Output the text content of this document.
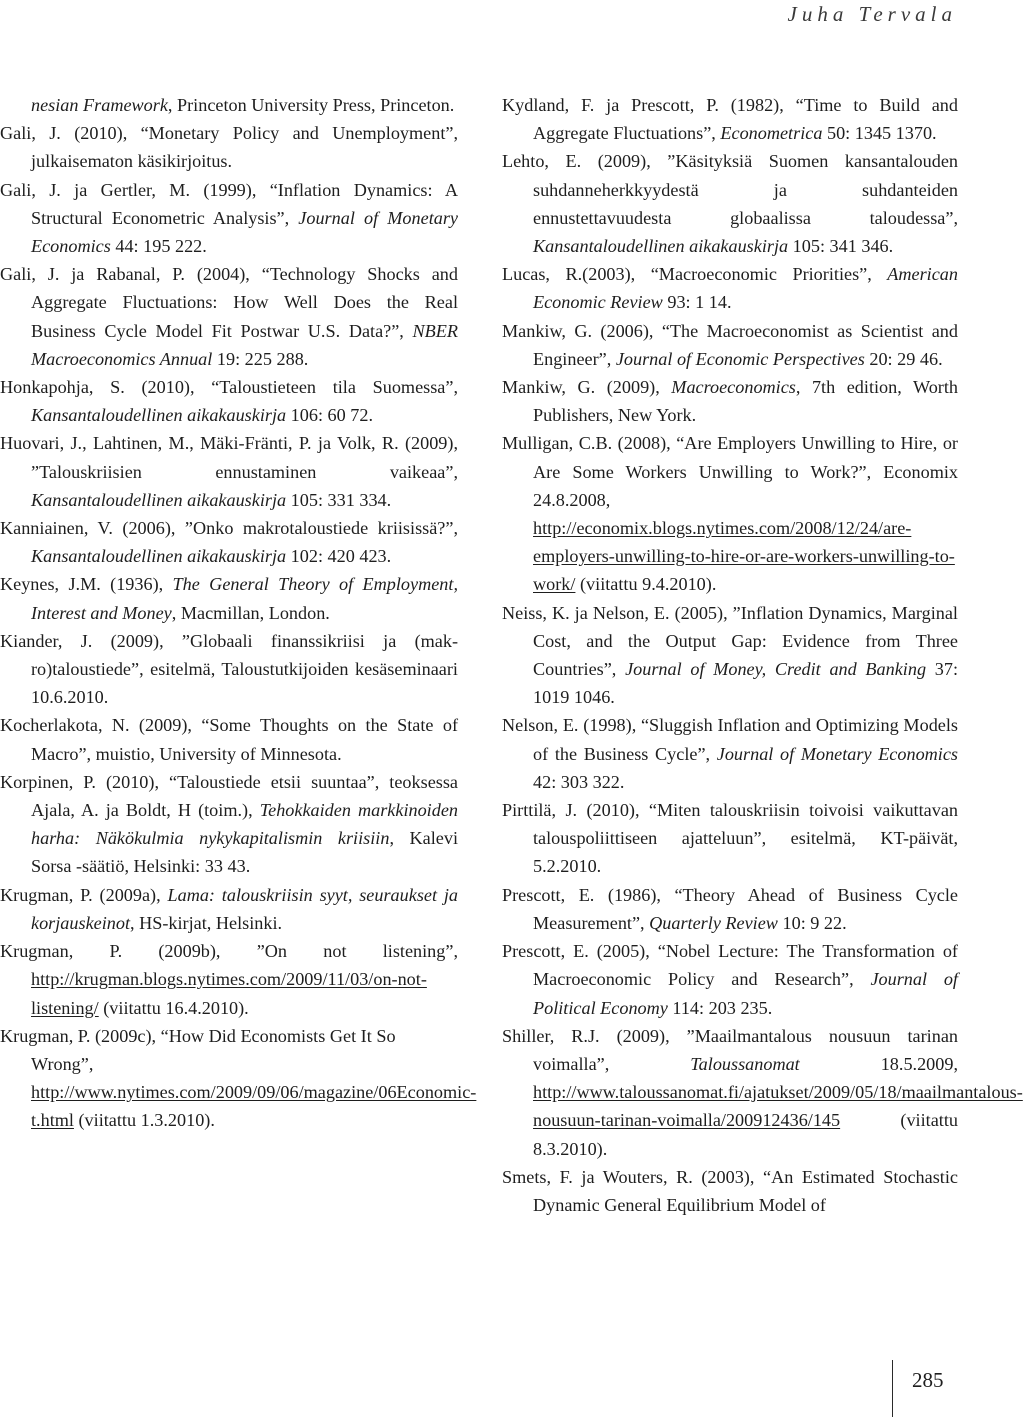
Juha Tervala

nesian Framework, Princeton University Press, Princeton.

Gali, J. (2010), “Monetary Policy and Unemployment”, julkaisematon käsikirjoitus.

Gali, J. ja Gertler, M. (1999), “Inflation Dynamics: A Structural Econometric Analysis”, Journal of Monetary Economics 44: 195 222.

Gali, J. ja Rabanal, P. (2004), “Technology Shocks and Aggregate Fluctuations: How Well Does the Real Business Cycle Model Fit Postwar U.S. Data?”, NBER Macroeconomics Annual 19: 225 288.

Honkapohja, S. (2010), “Taloustieteen tila Suomessa”, Kansantaloudellinen aikakauskirja 106: 60 72.

Huovari, J., Lahtinen, M., Mäki-Fränti, P. ja Volk, R. (2009), ”Talouskriisien ennustaminen vaikeaa”, Kansantaloudellinen aikakauskirja 105: 331 334.

Kanniainen, V. (2006), ”Onko makrotaloustiede kriisissä?”, Kansantaloudellinen aikakauskirja 102: 420 423.

Keynes, J.M. (1936), The General Theory of Employment, Interest and Money, Macmillan, London.

Kiander, J. (2009), ”Globaali finanssikriisi ja (makro)taloustiede”, esitelmä, Taloustutkijoiden kesäseminaari 10.6.2010.

Kocherlakota, N. (2009), “Some Thoughts on the State of Macro”, muistio, University of Minnesota.

Korpinen, P. (2010), “Taloustiede etsii suuntaa”, teoksessa Ajala, A. ja Boldt, H (toim.), Tehokkaiden markkinoiden harha: Näkökulmia nykykapitalismin kriisiin, Kalevi Sorsa -säätiö, Helsinki: 33 43.

Krugman, P. (2009a), Lama: talouskriisin syyt, seuraukset ja korjauskeinot, HS-kirjat, Helsinki.

Krugman, P. (2009b), ”On not listening”, http://krugman.blogs.nytimes.com/2009/11/03/on-not-listening/ (viitattu 16.4.2010).

Krugman, P. (2009c), “How Did Economists Get It So Wrong”, http://www.nytimes.com/2009/09/06/magazine/06Economic-t.html (viitattu 1.3.2010).

Kydland, F. ja Prescott, P. (1982), “Time to Build and Aggregate Fluctuations”, Econometrica 50: 1345 1370.

Lehto, E. (2009), ”Käsityksiä Suomen kansantalouden suhdanneherkkyydestä ja suhdanteiden ennustettavuudesta globaalissa taloudessa”, Kansantaloudellinen aikakauskirja 105: 341 346.

Lucas, R.(2003), “Macroeconomic Priorities”, American Economic Review 93: 1 14.

Mankiw, G. (2006), “The Macroeconomist as Scientist and Engineer”, Journal of Economic Perspectives 20: 29 46.

Mankiw, G. (2009), Macroeconomics, 7th edition, Worth Publishers, New York.

Mulligan, C.B. (2008), “Are Employers Unwilling to Hire, or Are Some Workers Unwilling to Work?”, Economix 24.8.2008, http://economix.blogs.nytimes.com/2008/12/24/are-employers-unwilling-to-hire-or-are-workers-unwilling-to-work/ (viitattu 9.4.2010).

Neiss, K. ja Nelson, E. (2005), ”Inflation Dynamics, Marginal Cost, and the Output Gap: Evidence from Three Countries”, Journal of Money, Credit and Banking 37: 1019 1046.

Nelson, E. (1998), “Sluggish Inflation and Optimizing Models of the Business Cycle”, Journal of Monetary Economics 42: 303 322.

Pirttilä, J. (2010), “Miten talouskriisin toivoisi vaikuttavan talouspoliittiseen ajatteluun”, esitelmä, KT-päivät, 5.2.2010.

Prescott, E. (1986), “Theory Ahead of Business Cycle Measurement”, Quarterly Review 10: 9 22.

Prescott, E. (2005), “Nobel Lecture: The Transformation of Macroeconomic Policy and Research”, Journal of Political Economy 114: 203 235.

Shiller, R.J. (2009), ”Maailmantalous nousuun tarinan voimalla”, Taloussanomat 18.5.2009, http://www.taloussanomat.fi/ajatukset/2009/05/18/maailmantalous-nousuun-tarinan-voimalla/200912436/145 (viitattu 8.3.2010).

Smets, F. ja Wouters, R. (2003), “An Estimated Stochastic Dynamic General Equilibrium Model of

285
